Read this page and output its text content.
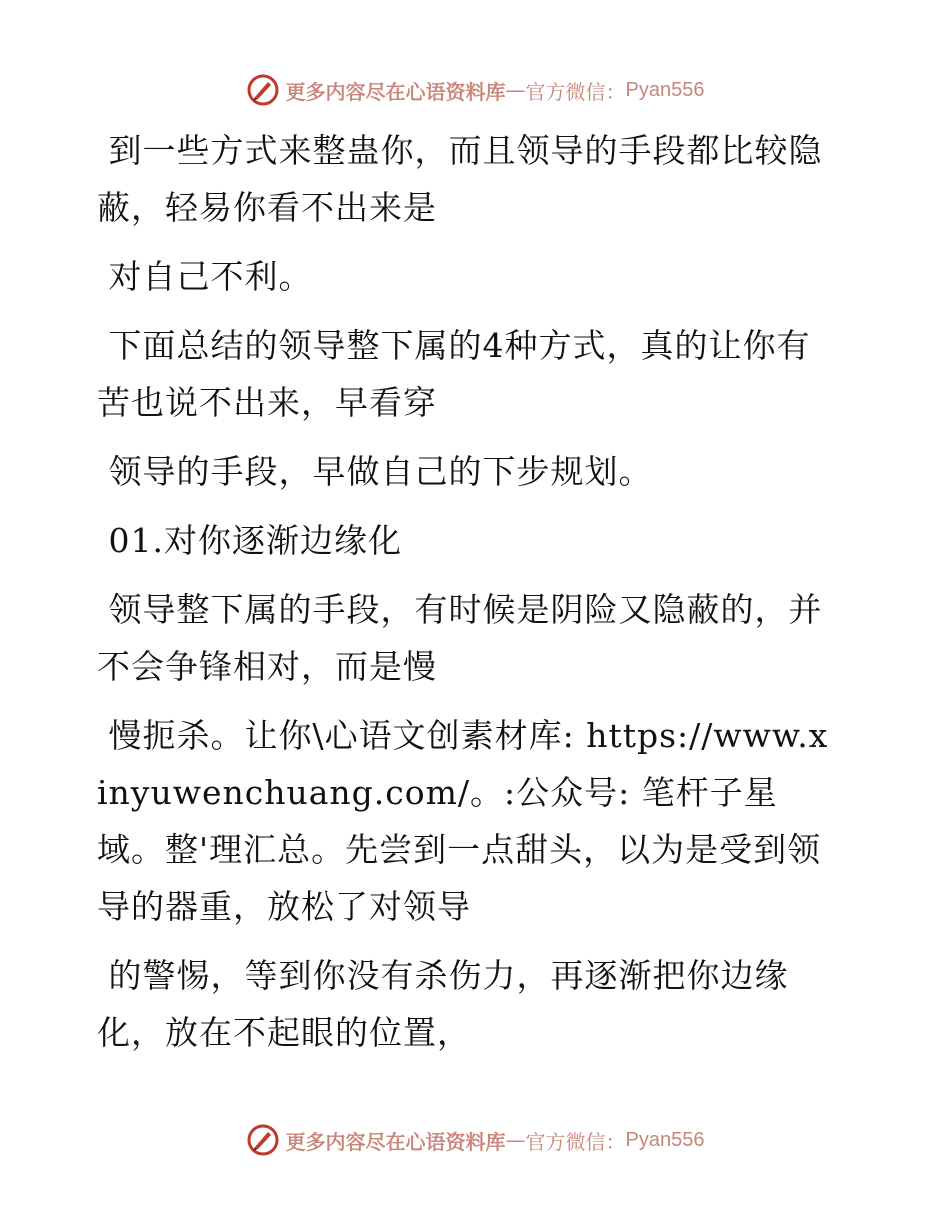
更多内容尽在心语资料库 — 官方微信： Pyan556

到一些方式来整蛊你，而且领导的手段都比较隐蔽，轻易你看不出来是

对自己不利。

下面总结的领导整下属的4种方式，真的让你有苦也说不出来，早看穿

领导的手段，早做自己的下步规划。

01.对你逐渐边缘化

领导整下属的手段，有时候是阴险又隐蔽的，并不会争锋相对，而是慢

慢扼杀。让你\心语文创素材库: https://www.xinyuwenchuang.com/。:公众号: 笔杆子星域。整'理汇总。先尝到一点甜头，以为是受到领导的器重，放松了对领导

的警惕，等到你没有杀伤力，再逐渐把你边缘化，放在不起眼的位置，

更多内容尽在心语资料库 — 官方微信： Pyan556
